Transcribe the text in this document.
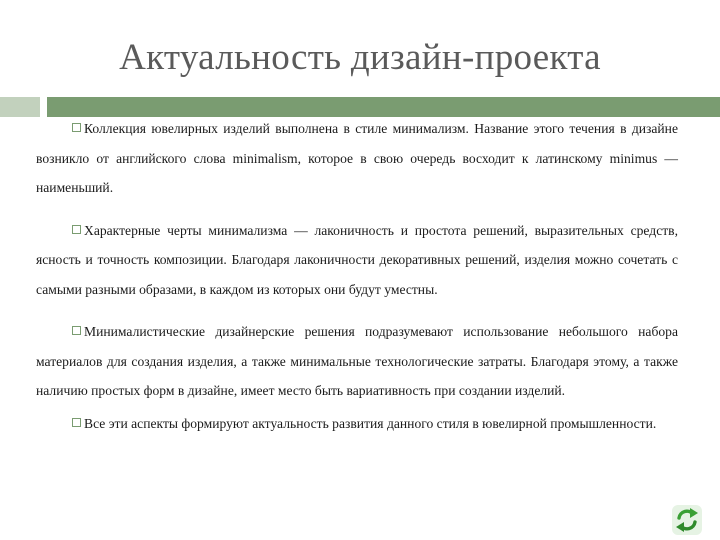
Актуальность дизайн-проекта

Коллекция ювелирных изделий выполнена в стиле минимализм. Название этого течения в дизайне возникло от английского слова minimalism, которое в свою очередь восходит к латинскому minimus — наименьший.

Характерные черты минимализма — лаконичность и простота решений, выразительных средств, ясность и точность композиции. Благодаря лаконичности декоративных решений, изделия можно сочетать с самыми разными образами, в каждом из которых они будут уместны.

Минималистические дизайнерские решения подразумевают использование небольшого набора материалов для создания изделия, а также минимальные технологические затраты. Благодаря этому, а также наличию простых форм в дизайне, имеет место быть вариативность при создании изделий.

Все эти аспекты формируют актуальность развития данного стиля в ювелирной промышленности.
